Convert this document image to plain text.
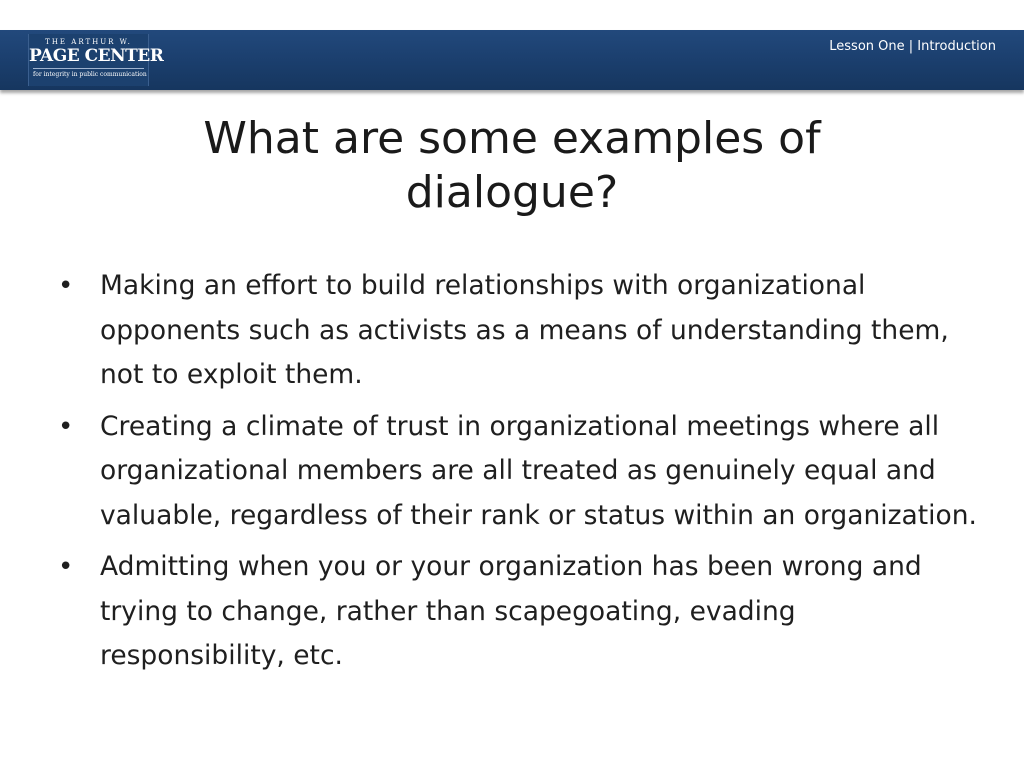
THE ARTHUR W.
PAGE CENTER
for integrity in public communication
Lesson One | Introduction
What are some examples of dialogue?
• Making an effort to build relationships with organizational opponents such as activists as a means of understanding them, not to exploit them.
• Creating a climate of trust in organizational meetings where all organizational members are all treated as genuinely equal and valuable, regardless of their rank or status within an organization.
• Admitting when you or your organization has been wrong and trying to change, rather than scapegoating, evading responsibility, etc.
